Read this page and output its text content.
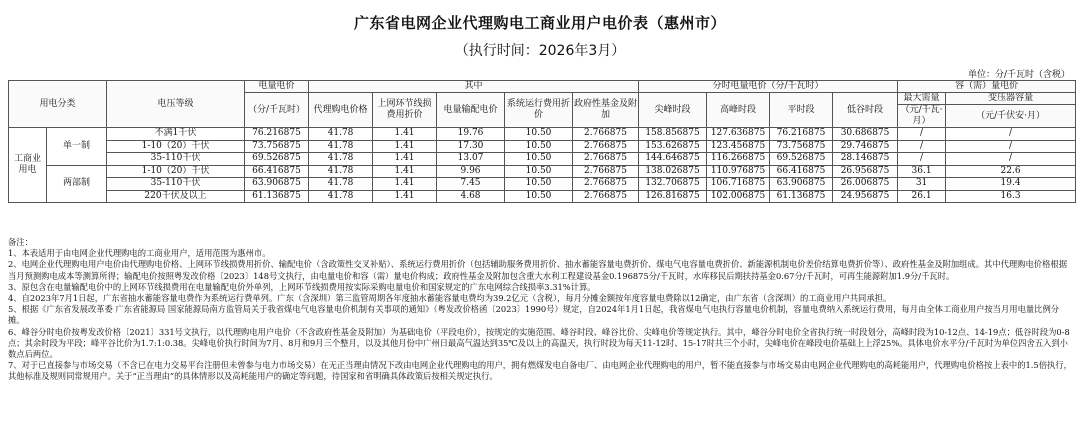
广东省电网企业代理购电工商业用户电价表（惠州市）
（执行时间：2026年3月）
单位：分/千瓦时（含税）
用电分类		电压等级	电量电价	其中					分时电量电价（分/千瓦时）				容（需）量电价	
			（分/千瓦时）	代理购电价格	上网环节线损费用折价	电量输配电价	系统运行费用折价	政府性基金及附加	尖峰时段	高峰时段	平时段	低谷时段	最大需量	变压器容量
													（元/千瓦·月）	（元/千伏安·月）
工商业用电	单一制	不满1千伏	76.216875	41.78	1.41	19.76	10.50	2.766875	158.856875	127.636875	76.216875	30.686875	/	/
		1-10（20）千伏	73.756875	41.78	1.41	17.30	10.50	2.766875	153.626875	123.456875	73.756875	29.746875	/	/
		35-110千伏	69.526875	41.78	1.41	13.07	10.50	2.766875	144.646875	116.266875	69.526875	28.146875	/	/
	两部制	1-10（20）千伏	66.416875	41.78	1.41	9.96	10.50	2.766875	138.026875	110.976875	66.416875	26.956875	36.1	22.6
		35-110千伏	63.906875	41.78	1.41	7.45	10.50	2.766875	132.706875	106.716875	63.906875	26.006875	31	19.4
		220千伏及以上	61.136875	41.78	1.41	4.68	10.50	2.766875	126.816875	102.006875	61.136875	24.956875	26.1	16.3

备注：

1、本表适用于由电网企业代理购电的工商业用户，适用范围为惠州市。

2、电网企业代理购电用户电价由代理购电价格、上网环节线损费用折价、输配电价（含政策性交叉补贴）、系统运行费用折价（包括辅助服务费用折价、抽水蓄能容量电费折价、煤电气电容量电费折价、新能源机制电价差价结算电费折价等）、政府性基金及附加组成。其中代理购电价格根据当月预测购电成本等测算所得；输配电价按照粤发改价格〔2023〕148号文执行，由电量电价和容（需）量电价构成；政府性基金及附加包含重大水利工程建设基金0.196875分/千瓦时，水库移民后期扶持基金0.67分/千瓦时，可再生能源附加1.9分/千瓦时。

3、原包含在电量输配电价中的上网环节线损费用在电量输配电价外单列，上网环节线损费用按实际采购电量电价和国家规定的广东电网综合线损率3.31%计算。

4、自2023年7月1日起，广东省抽水蓄能容量电费作为系统运行费单列。广东（含深圳）第三监管周期各年度抽水蓄能容量电费均为39.2亿元（含税），每月分摊金额按年度容量电费除以12确定，由广东省（含深圳）的工商业用户共同承担。

5、根据《广东省发展改革委 广东省能源局 国家能源局南方监管局关于我省煤电气电容量电价机制有关事项的通知》（粤发改价格函〔2023〕1990号）规定，自2024年1月1日起，我省煤电气电执行容量电价机制，容量电费纳入系统运行费用，每月由全体工商业用户按当月用电量比例分摊。

6、峰谷分时电价按粤发改价格〔2021〕331号文执行，以代理购电用户电价（不含政府性基金及附加）为基础电价（平段电价），按规定的实施范围、峰谷时段、峰谷比价、尖峰电价等规定执行。其中，峰谷分时电价全省执行统一时段划分，高峰时段为10-12点、14-19点；低谷时段为0-8点；其余时段为平段；峰平谷比价为1.7:1:0.38。尖峰电价执行时间为7月、8月和9月三个整月，以及其他月份中广州日最高气温达到35℃及以上的高温天，执行时段为每天11-12时、15-17时共三个小时，尖峰电价在峰段电价基础上上浮25%。具体电价水平分/千瓦时为单位四舍五入到小数点后两位。

7、对于已直接参与市场交易（不含已在电力交易平台注册但未曾参与电力市场交易）在无正当理由情况下改由电网企业代理购电的用户，拥有燃煤发电自备电厂、由电网企业代理购电的用户，暂不能直接参与市场交易由电网企业代理购电的高耗能用户，代理购电价格按上表中的1.5倍执行，其他标准及规则同常规用户。关于“正当理由”的具体情形以及高耗能用户的确定等问题，待国家和省明确具体政策后按相关规定执行。
